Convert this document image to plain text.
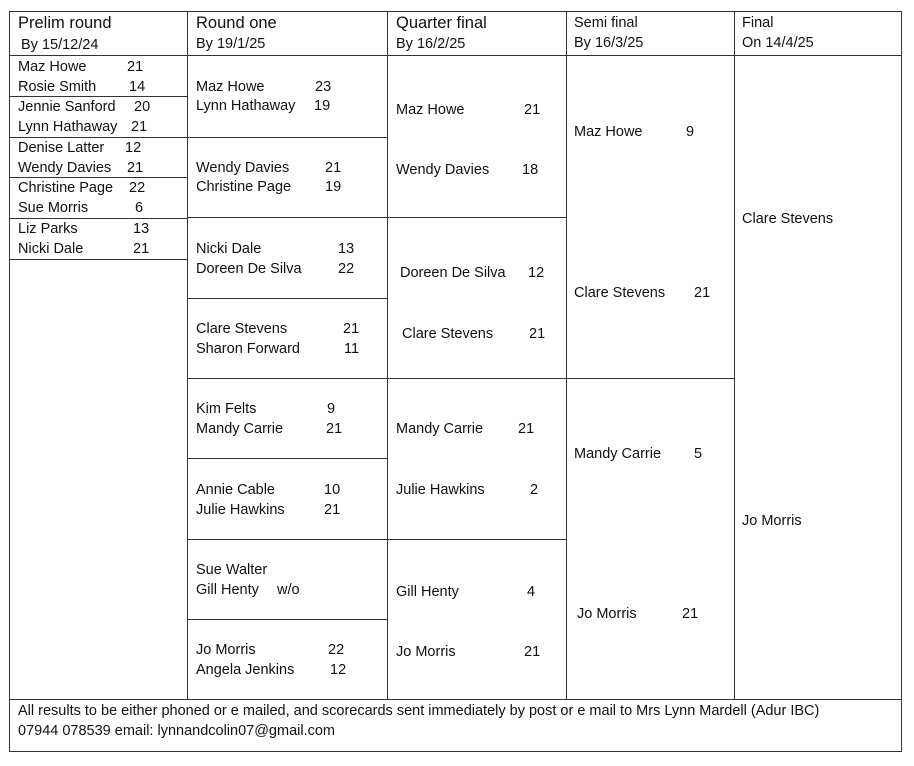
Prelim round
By 15/12/24
Round one
By 19/1/25
Quarter final
By 16/2/25
Semi final
By 16/3/25
Final
On 14/4/25
Maz Howe	21
Rosie Smith 14
Jennie Sanford 20
Lynn Hathaway 21
Denise Latter 12
Wendy Davies 21
Christine Page 22
Sue Morris	6
Liz Parks	13
Nicki Dale	21
Maz Howe	23
Lynn Hathaway 19
Wendy Davies 21
Christine Page 19
Nicki Dale	13
Doreen De Silva	22
Clare Stevens	21
Sharon Forward	11
Kim Felts	9
Mandy Carrie	21
Annie Cable	10
Julie Hawkins	21
Sue Walter
Gill Henty w/o
Jo Morris	22
Angela Jenkins 12
Maz Howe	21
Wendy Davies 18
Doreen De Silva 12
Clare Stevens 21
Mandy Carrie 21
Julie Hawkins	2
Gill Henty	4
Jo Morris	21
Maz Howe	9
Clare Stevens 21
Mandy Carrie 5
Jo Morris	21
Clare Stevens
Jo Morris
All results to be either phoned or e mailed, and scorecards sent immediately by post or e mail to Mrs Lynn Mardell (Adur IBC)
07944 078539 email: lynnandcolin07@gmail.com
